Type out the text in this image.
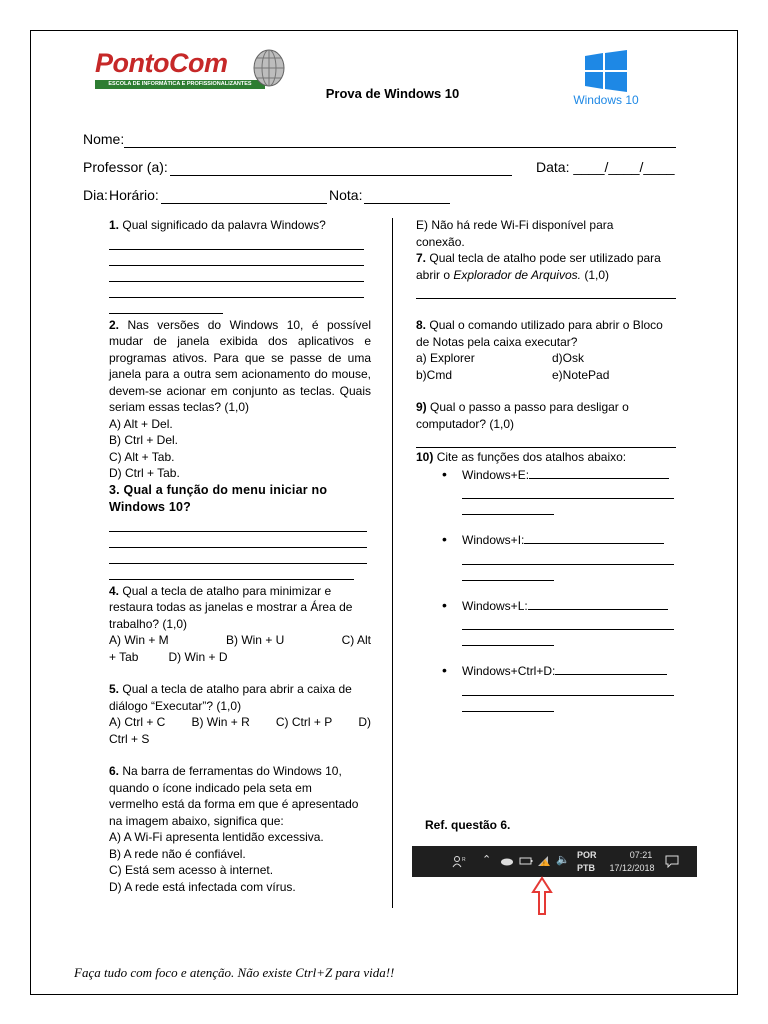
PontoCom
ESCOLA DE INFORMÁTICA E PROFISSIONALIZANTES
Prova de Windows 10	Windows 10
Nome:
Professor (a):	Data: ____/____/____
Dia: Horário:	Nota:

1. Qual significado da palavra Windows?

2. Nas versões do Windows 10, é possível mudar de janela exibida dos aplicativos e programas ativos. Para que se passe de uma janela para a outra sem acionamento do mouse, devem-se acionar em conjunto as teclas. Quais seriam essas teclas? (1,0)

A) Alt + Del.

B) Ctrl + Del.

C) Alt + Tab.

D) Ctrl + Tab.

3. Qual a função do menu iniciar no Windows 10?

4. Qual a tecla de atalho para minimizar e restaura todas as janelas e mostrar a Área de trabalho? (1,0)

A) Win + M	B) Win + U	C) Alt

+ Tab	D) Win + D

5. Qual a tecla de atalho para abrir a caixa de diálogo “Executar”? (1,0)

A) Ctrl + C B) Win + R C) Ctrl + P D)

Ctrl + S

6. Na barra de ferramentas do Windows 10, quando o ícone indicado pela seta em vermelho está da forma em que é apresentado na imagem abaixo, significa que:

A) A Wi-Fi apresenta lentidão excessiva.

B) A rede não é confiável.

C) Está sem acesso à internet.

D) A rede está infectada com vírus.

E) Não há rede Wi-Fi disponível para conexão.

7. Qual tecla de atalho pode ser utilizado para abrir o Explorador de Arquivos. (1,0)

8. Qual o comando utilizado para abrir o Bloco de Notas pela caixa executar?

a) Explorer	d)Osk

b)Cmd	e)NotePad

9) Qual o passo a passo para desligar o computador? (1,0)

10) Cite as funções dos atalhos abaixo:

• Windows+E:
• Windows+I:
• Windows+L:
• Windows+Ctrl+D:
Ref. questão 6.
R ⌃	! 🔈 POR
PTB
07:21
17/12/2018
Faça tudo com foco e atenção. Não existe Ctrl+Z para vida!!
